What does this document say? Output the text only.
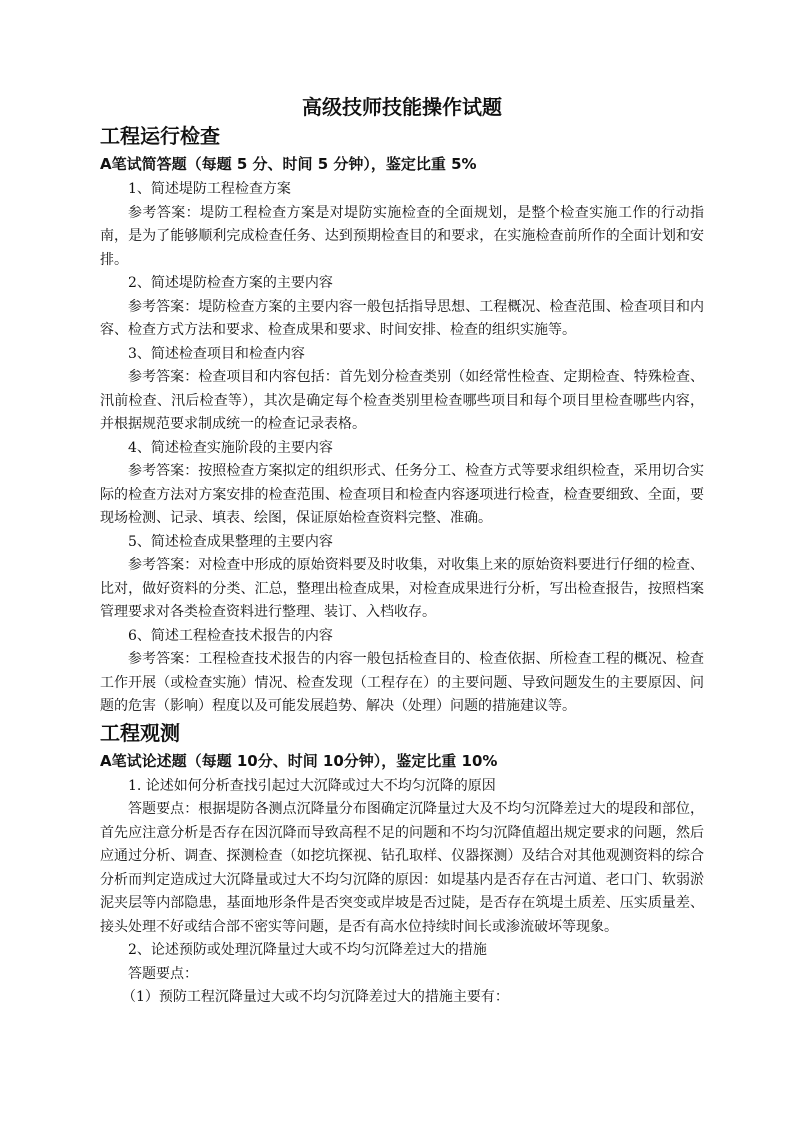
高级技师技能操作试题
工程运行检查
A笔试简答题（每题 5 分、时间 5 分钟），鉴定比重 5%

1、简述堤防工程检查方案

参考答案：堤防工程检查方案是对堤防实施检查的全面规划，是整个检查实施工作的行动指南，是为了能够顺利完成检查任务、达到预期检查目的和要求，在实施检查前所作的全面计划和安排。

2、简述堤防检查方案的主要内容

参考答案：堤防检查方案的主要内容一般包括指导思想、工程概况、检查范围、检查项目和内容、检查方式方法和要求、检查成果和要求、时间安排、检查的组织实施等。

3、简述检查项目和检查内容

参考答案：检查项目和内容包括：首先划分检查类别（如经常性检查、定期检查、特殊检查、汛前检查、汛后检查等），其次是确定每个检查类别里检查哪些项目和每个项目里检查哪些内容，并根据规范要求制成统一的检查记录表格。

4、简述检查实施阶段的主要内容

参考答案：按照检查方案拟定的组织形式、任务分工、检查方式等要求组织检查，采用切合实际的检查方法对方案安排的检查范围、检查项目和检查内容逐项进行检查，检查要细致、全面，要现场检测、记录、填表、绘图，保证原始检查资料完整、准确。

5、简述检查成果整理的主要内容

参考答案：对检查中形成的原始资料要及时收集，对收集上来的原始资料要进行仔细的检查、比对，做好资料的分类、汇总，整理出检查成果，对检查成果进行分析，写出检查报告，按照档案管理要求对各类检查资料进行整理、装订、入档收存。

6、简述工程检查技术报告的内容

参考答案：工程检查技术报告的内容一般包括检查目的、检查依据、所检查工程的概况、检查工作开展（或检查实施）情况、检查发现（工程存在）的主要问题、导致问题发生的主要原因、问题的危害（影响）程度以及可能发展趋势、解决（处理）问题的措施建议等。

工程观测
A笔试论述题（每题 10分、时间 10分钟），鉴定比重 10%

1. 论述如何分析查找引起过大沉降或过大不均匀沉降的原因

答题要点：根据堤防各测点沉降量分布图确定沉降量过大及不均匀沉降差过大的堤段和部位，首先应注意分析是否存在因沉降而导致高程不足的问题和不均匀沉降值超出规定要求的问题，然后应通过分析、调查、探测检查（如挖坑探视、钻孔取样、仪器探测）及结合对其他观测资料的综合分析而判定造成过大沉降量或过大不均匀沉降的原因：如堤基内是否存在古河道、老口门、软弱淤泥夹层等内部隐患，基面地形条件是否突变或岸坡是否过陡，是否存在筑堤土质差、压实质量差、接头处理不好或结合部不密实等问题，是否有高水位持续时间长或渗流破坏等现象。

2、论述预防或处理沉降量过大或不均匀沉降差过大的措施

答题要点：

（1）预防工程沉降量过大或不均匀沉降差过大的措施主要有：
